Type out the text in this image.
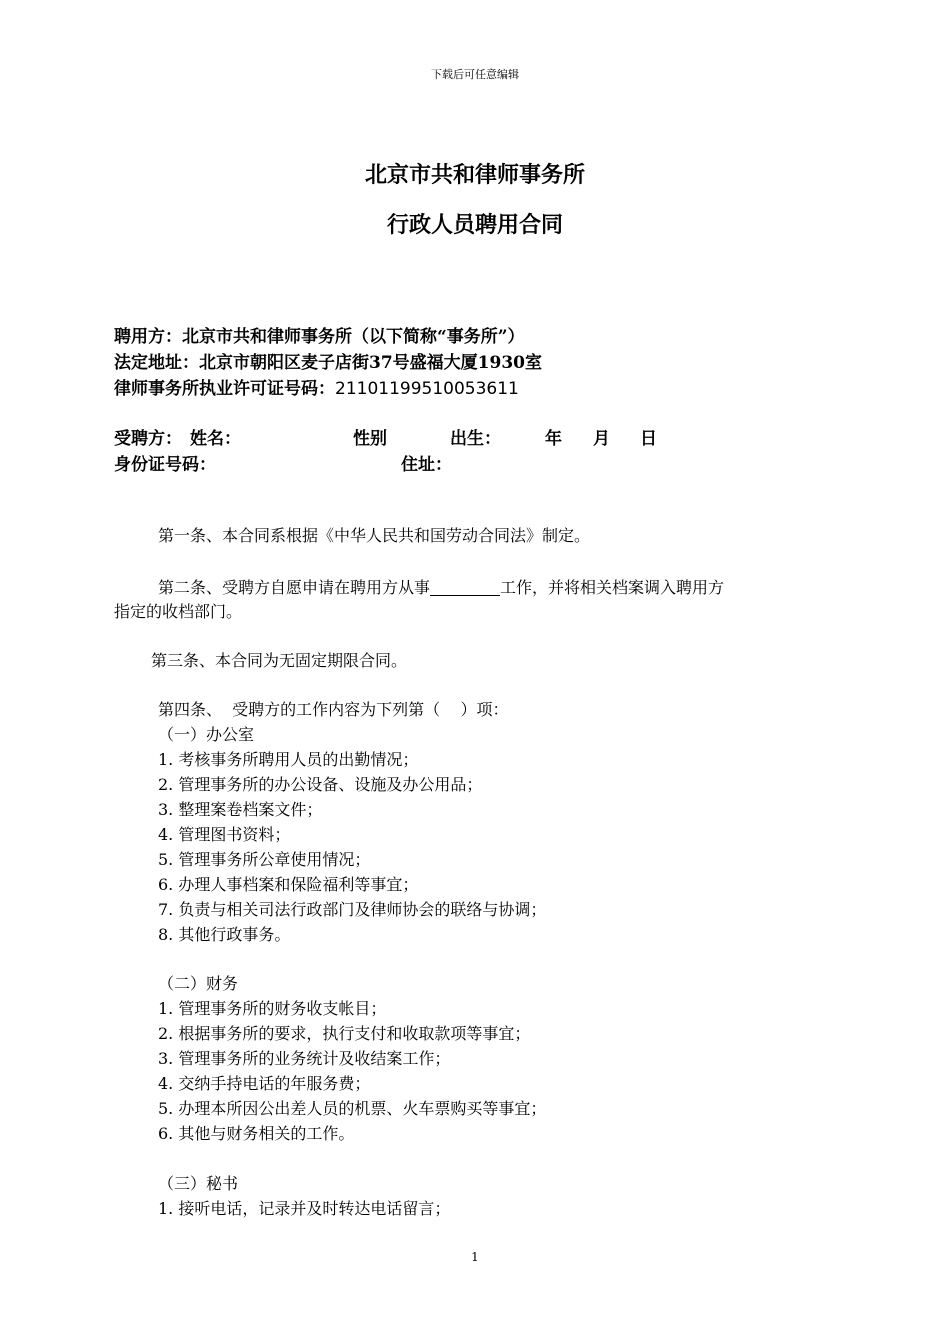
下载后可任意编辑
北京市共和律师事务所
行政人员聘用合同
聘用方：北京市共和律师事务所（以下简称“事务所”）
法定地址：北京市朝阳区麦子店街37号盛福大厦1930室
律师事务所执业许可证号码：21101199510053611
受聘方： 姓名：	性别	出生：	年 月 日
身份证号码：	住址：
第一条、本合同系根据《中华人民共和国劳动合同法》制定。
第二条、受聘方自愿申请在聘用方从事	工作，并将相关档案调入聘用方
指定的收档部门。
第三条、本合同为无固定期限合同。
第四条、  受聘方的工作内容为下列第（    ）项：
（一）办公室
1. 考核事务所聘用人员的出勤情况；
2. 管理事务所的办公设备、设施及办公用品；
3. 整理案卷档案文件；
4. 管理图书资料；
5. 管理事务所公章使用情况；
6. 办理人事档案和保险福利等事宜；
7. 负责与相关司法行政部门及律师协会的联络与协调；
8. 其他行政事务。
（二）财务
1. 管理事务所的财务收支帐目；
2. 根据事务所的要求，执行支付和收取款项等事宜；
3. 管理事务所的业务统计及收结案工作；
4. 交纳手持电话的年服务费；
5. 办理本所因公出差人员的机票、火车票购买等事宜；
6. 其他与财务相关的工作。
（三）秘书
1. 接听电话，记录并及时转达电话留言；
1
